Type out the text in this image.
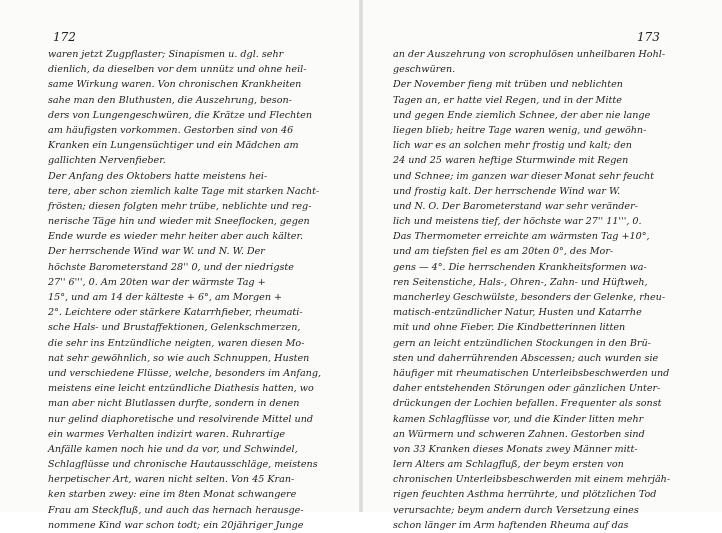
172
waren jetzt Zugpflaster; Sinapismen u. dgl. sehr
dienlich, da dieselben vor dem unnütz und ohne heil-
same Wirkung waren. Von chronischen Krankheiten
sahe man den Bluthusten, die Auszehrung, beson-
ders von Lungengeschwüren, die Krätze und Flechten
am häufigsten vorkommen. Gestorben sind von 46
Kranken ein Lungensüchtiger und ein Mädchen am
gallichten Nervenfieber.
Der Anfang des Oktobers hatte meistens hei-
tere, aber schon ziemlich kalte Tage mit starken Nacht-
frösten; diesen folgten mehr trübe, neblichte und reg-
nerische Täge hin und wieder mit Sneeflocken, gegen
Ende wurde es wieder mehr heiter aber auch kälter.
Der herrschende Wind war W. und N. W. Der
höchste Barometerstand 28'' 0, und der niedrigste
27'' 6''', 0. Am 20ten war der wärmste Tag +
15°, und am 14 der kälteste + 6°, am Morgen +
2°. Leichtere oder stärkere Katarrhfieber, rheumati-
sche Hals- und Brustaffektionen, Gelenkschmerzen,
die sehr ins Entzündliche neigten, waren diesen Mo-
nat sehr gewöhnlich, so wie auch Schnuppen, Husten
und verschiedene Flüsse, welche, besonders im Anfang,
meistens eine leicht entzündliche Diathesis hatten, wo
man aber nicht Blutlassen durfte, sondern in denen
nur gelind diaphoretische und resolvirende Mittel und
ein warmes Verhalten indizirt waren. Ruhrartige
Anfälle kamen noch hie und da vor, und Schwindel,
Schlagflüsse und chronische Hautausschläge, meistens
herpetischer Art, waren nicht selten. Von 45 Kran-
ken starben zwey: eine im 8ten Monat schwangere
Frau am Steckfluß, und auch das hernach herausge-
nommene Kind war schon todt; ein 20jähriger Junge
173
an der Auszehrung von scrophulösen unheilbaren Hohl-
geschwüren.
Der November fieng mit trüben und neblichten
Tagen an, er hatte viel Regen, und in der Mitte
und gegen Ende ziemlich Schnee, der aber nie lange
liegen blieb; heitre Tage waren wenig, und gewöhn-
lich war es an solchen mehr frostig und kalt; den
24 und 25 waren heftige Sturmwinde mit Regen
und Schnee; im ganzen war dieser Monat sehr feucht
und frostig kalt. Der herrschende Wind war W.
und N. O. Der Barometerstand war sehr veränder-
lich und meistens tief, der höchste war 27'' 11''', 0.
Das Thermometer erreichte am wärmsten Tag +10°,
und am tiefsten fiel es am 20ten 0°, des Mor-
gens — 4°. Die herrschenden Krankheitsformen wa-
ren Seitenstiche, Hals-, Ohren-, Zahn- und Hüftweh,
mancherley Geschwülste, besonders der Gelenke, rheu-
matisch-entzündlicher Natur, Husten und Katarrhe
mit und ohne Fieber. Die Kindbetterinnen litten
gern an leicht entzündlichen Stockungen in den Brü-
sten und daherrührenden Abscessen; auch wurden sie
häufiger mit rheumatischen Unterleibsbeschwerden und
daher entstehenden Störungen oder gänzlichen Unter-
drückungen der Lochien befallen. Frequenter als sonst
kamen Schlagflüsse vor, und die Kinder litten mehr
an Würmern und schweren Zahnen. Gestorben sind
von 33 Kranken dieses Monats zwey Männer mitt-
lern Alters am Schlagfluß, der beym ersten von
chronischen Unterleibsbeschwerden mit einem mehrjäh-
rigen feuchten Asthma herrührte, und plötzlichen Tod
verursachte; beym andern durch Versetzung eines
schon länger im Arm haftenden Rheuma auf das
